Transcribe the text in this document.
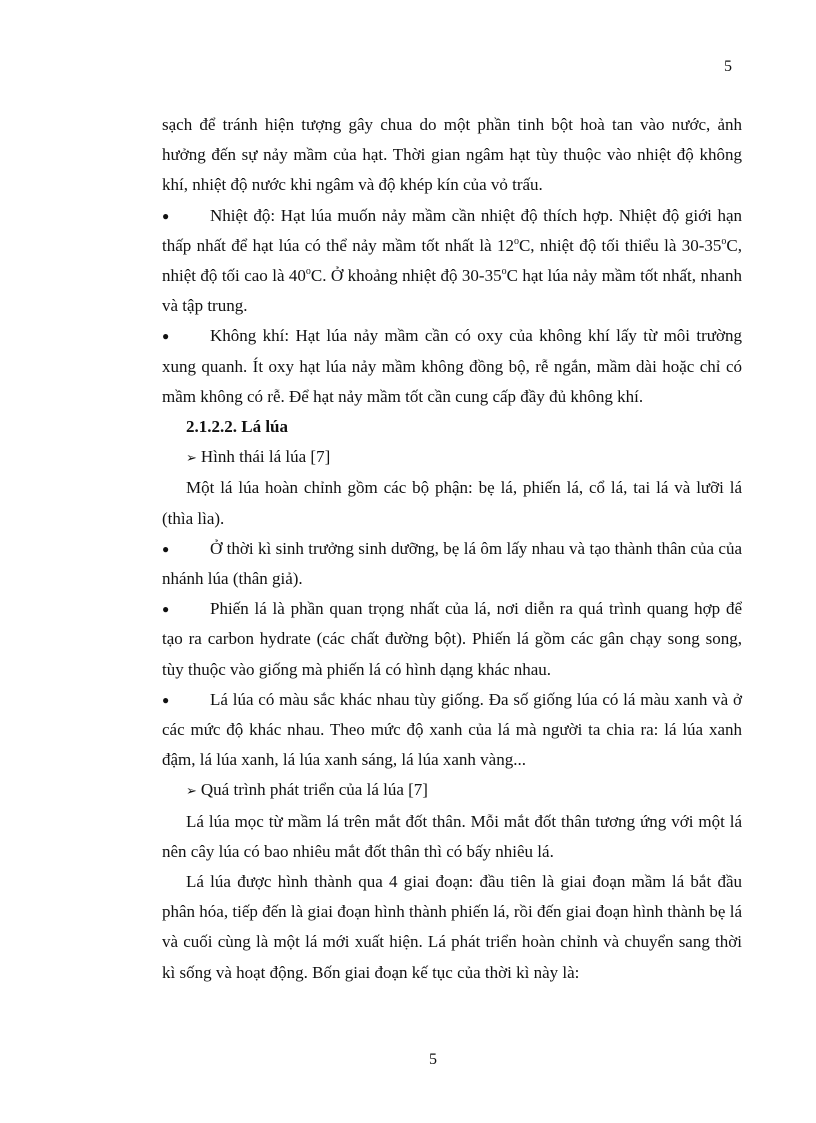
5

sạch để tránh hiện tượng gây chua do một phần tinh bột hoà tan vào nước, ảnh hưởng đến sự nảy mầm của hạt. Thời gian ngâm hạt tùy thuộc vào nhiệt độ không khí, nhiệt độ nước khi ngâm và độ khép kín của vỏ trấu.

● Nhiệt độ: Hạt lúa muốn nảy mầm cần nhiệt độ thích hợp. Nhiệt độ giới hạn thấp nhất để hạt lúa có thể nảy mầm tốt nhất là 12$^o$C, nhiệt độ tối thiểu là 30-35$^o$C, nhiệt độ tối cao là 40$^o$C. Ở khoảng nhiệt độ 30-35$^o$C hạt lúa nảy mầm tốt nhất, nhanh và tập trung.

● Không khí: Hạt lúa nảy mầm cần có oxy của không khí lấy từ môi trường xung quanh. Ít oxy hạt lúa nảy mầm không đồng bộ, rễ ngắn, mầm dài hoặc chỉ có mầm không có rễ. Để hạt nảy mầm tốt cần cung cấp đầy đủ không khí.

2.1.2.2. Lá lúa

➢ Hình thái lá lúa [7]

Một lá lúa hoàn chỉnh gồm các bộ phận: bẹ lá, phiến lá, cổ lá, tai lá và lưỡi lá (thìa lìa).

● Ở thời kì sinh trưởng sinh dưỡng, bẹ lá ôm lấy nhau và tạo thành thân của của nhánh lúa (thân giả).

● Phiến lá là phần quan trọng nhất của lá, nơi diễn ra quá trình quang hợp để tạo ra carbon hydrate (các chất đường bột). Phiến lá gồm các gân chạy song song, tùy thuộc vào giống mà phiến lá có hình dạng khác nhau.

● Lá lúa có màu sắc khác nhau tùy giống. Đa số giống lúa có lá màu xanh và ở các mức độ khác nhau. Theo mức độ xanh của lá mà người ta chia ra: lá lúa xanh đậm, lá lúa xanh, lá lúa xanh sáng, lá lúa xanh vàng...

➢ Quá trình phát triển của lá lúa [7]

Lá lúa mọc từ mầm lá trên mắt đốt thân. Mỗi mắt đốt thân tương ứng với một lá nên cây lúa có bao nhiêu mắt đốt thân thì có bấy nhiêu lá.

Lá lúa được hình thành qua 4 giai đoạn: đầu tiên là giai đoạn mầm lá bắt đầu phân hóa, tiếp đến là giai đoạn hình thành phiến lá, rồi đến giai đoạn hình thành bẹ lá và cuối cùng là một lá mới xuất hiện. Lá phát triển hoàn chỉnh và chuyển sang thời kì sống và hoạt động. Bốn giai đoạn kế tục của thời kì này là:

5
